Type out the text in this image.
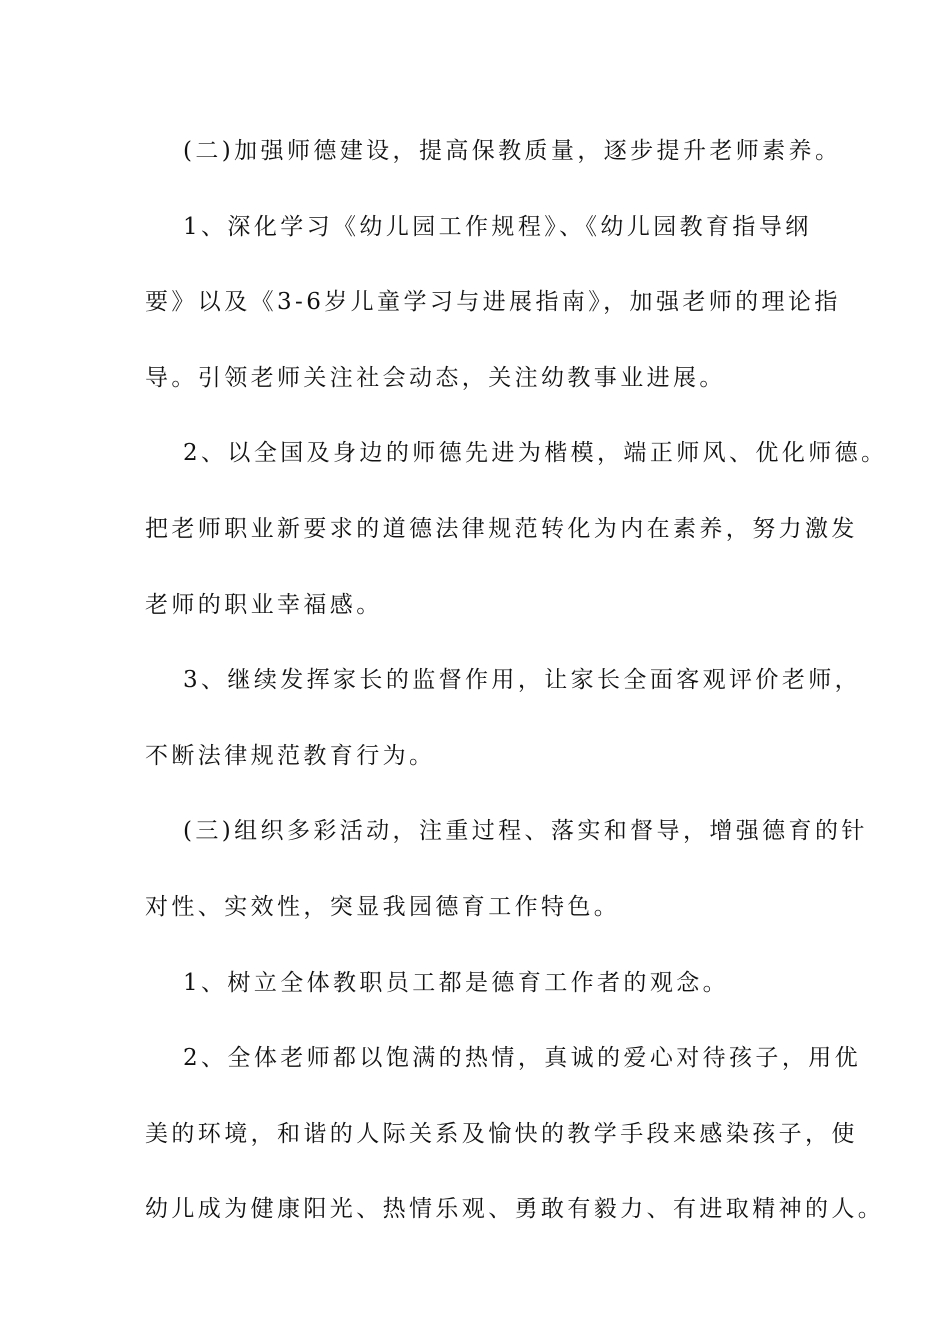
(二)加强师德建设，提高保教质量，逐步提升老师素养。
1、深化学习《幼儿园工作规程》、《幼儿园教育指导纲
要》以及《3-6岁儿童学习与进展指南》，加强老师的理论指
导。引领老师关注社会动态，关注幼教事业进展。
2、以全国及身边的师德先进为楷模，端正师风、优化师德。
把老师职业新要求的道德法律规范转化为内在素养，努力激发
老师的职业幸福感。
3、继续发挥家长的监督作用，让家长全面客观评价老师，
不断法律规范教育行为。
(三)组织多彩活动，注重过程、落实和督导，增强德育的针
对性、实效性，突显我园德育工作特色。
1、树立全体教职员工都是德育工作者的观念。
2、全体老师都以饱满的热情，真诚的爱心对待孩子，用优
美的环境，和谐的人际关系及愉快的教学手段来感染孩子，使
幼儿成为健康阳光、热情乐观、勇敢有毅力、有进取精神的人。
